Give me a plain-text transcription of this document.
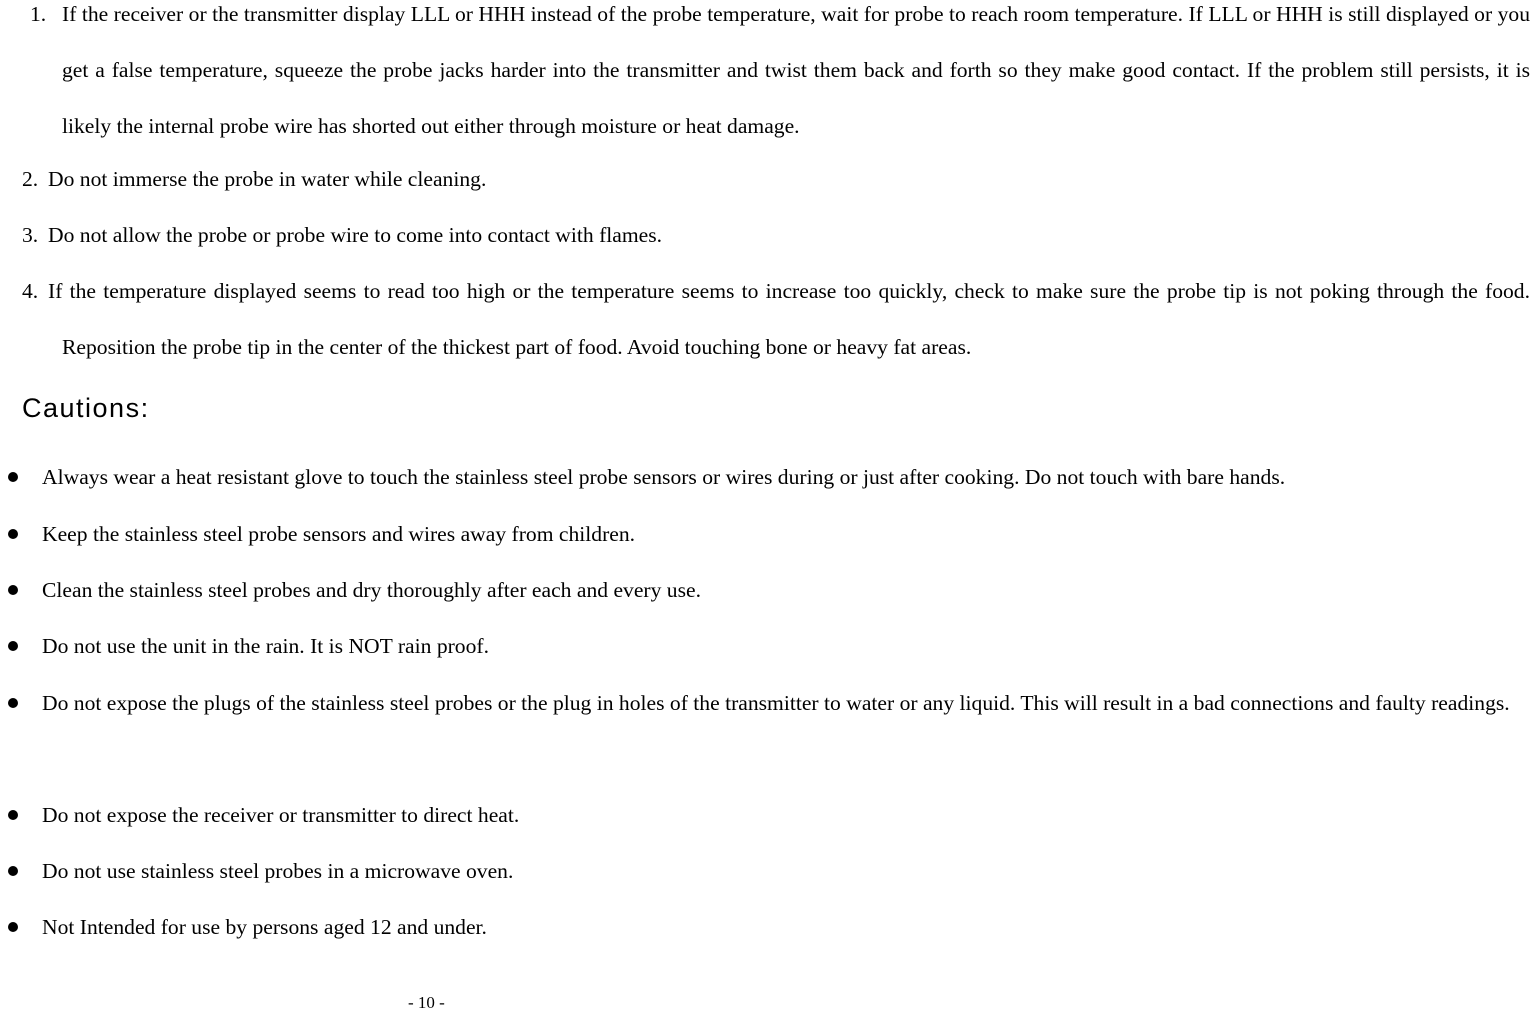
1. If the receiver or the transmitter display LLL or HHH instead of the probe temperature, wait for probe to reach room temperature. If LLL or HHH is still displayed or you get a false temperature, squeeze the probe jacks harder into the transmitter and twist them back and forth so they make good contact. If the problem still persists, it is likely the internal probe wire has shorted out either through moisture or heat damage.
2. Do not immerse the probe in water while cleaning.
3. Do not allow the probe or probe wire to come into contact with flames.
4. If the temperature displayed seems to read too high or the temperature seems to increase too quickly, check to make sure the probe tip is not poking through the food. Reposition the probe tip in the center of the thickest part of food. Avoid touching bone or heavy fat areas.
Cautions:
Always wear a heat resistant glove to touch the stainless steel probe sensors or wires during or just after cooking. Do not touch with bare hands.
Keep the stainless steel probe sensors and wires away from children.
Clean the stainless steel probes and dry thoroughly after each and every use.
Do not use the unit in the rain. It is NOT rain proof.
Do not expose the plugs of the stainless steel probes or the plug in holes of the transmitter to water or any liquid. This will result in a bad connections and faulty readings.
Do not expose the receiver or transmitter to direct heat.
Do not use stainless steel probes in a microwave oven.
Not Intended for use by persons aged 12 and under.
- 10 -
